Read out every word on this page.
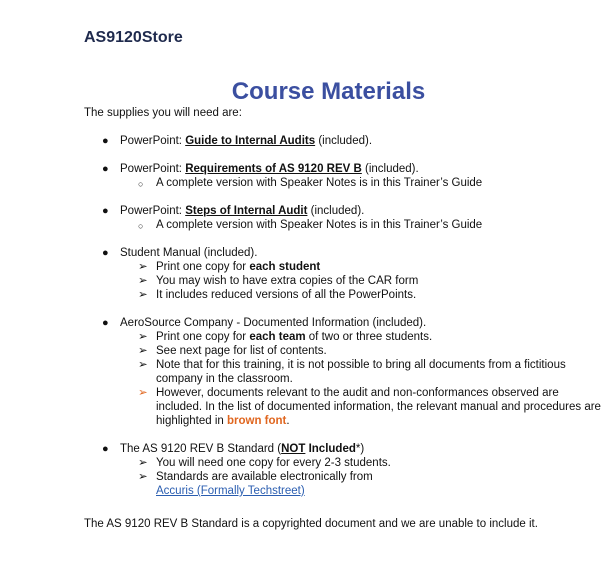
AS9120Store
Course Materials

The supplies you will need are:

● PowerPoint: Guide to Internal Audits (included).
● PowerPoint: Requirements of AS 9120 REV B (included).
○ A complete version with Speaker Notes is in this Trainer’s Guide
● PowerPoint: Steps of Internal Audit (included).
○ A complete version with Speaker Notes is in this Trainer’s Guide
● Student Manual (included).
➢ Print one copy for each student
➢ You may wish to have extra copies of the CAR form
➢ It includes reduced versions of all the PowerPoints.
● AeroSource Company - Documented Information (included).
➢ Print one copy for each team of two or three students.
➢ See next page for list of contents.
➢ Note that for this training, it is not possible to bring all documents from a fictitious company in the classroom.
➢ However, documents relevant to the audit and non-conformances observed are included. In the list of documented information, the relevant manual and procedures are highlighted in brown font.
● The AS 9120 REV B Standard (NOT Included*)
➢ You will need one copy for every 2-3 students.
➢ Standards are available electronically from
Accuris (Formally Techstreet)

The AS 9120 REV B Standard is a copyrighted document and we are unable to include it.
